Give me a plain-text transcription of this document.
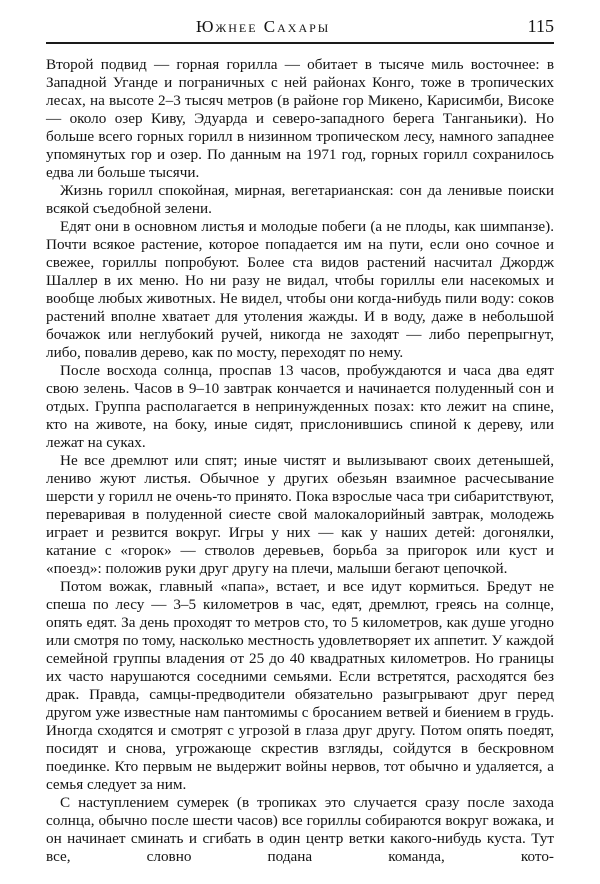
Южнее Сахары	115

Второй подвид — горная горилла — обитает в тысяче миль восточнее: в Западной Уганде и пограничных с ней районах Конго, тоже в тропических лесах, на высоте 2–3 тысяч метров (в районе гор Микено, Карисимби, Високе — около озер Киву, Эдуарда и северо-западного берега Танганьики). Но больше всего горных горилл в низинном тропическом лесу, намного западнее упомянутых гор и озер. По данным на 1971 год, горных горилл сохранилось едва ли больше тысячи.

Жизнь горилл спокойная, мирная, вегетарианская: сон да ленивые поиски всякой съедобной зелени.

Едят они в основном листья и молодые побеги (а не плоды, как шимпанзе). Почти всякое растение, которое попадается им на пути, если оно сочное и свежее, гориллы попробуют. Более ста видов растений насчитал Джордж Шаллер в их меню. Но ни разу не видал, чтобы гориллы ели насекомых и вообще любых животных. Не видел, чтобы они когда-нибудь пили воду: соков растений вполне хватает для утоления жажды. И в воду, даже в небольшой бочажок или неглубокий ручей, никогда не заходят — либо перепрыгнут, либо, повалив дерево, как по мосту, переходят по нему.

После восхода солнца, проспав 13 часов, пробуждаются и часа два едят свою зелень. Часов в 9–10 завтрак кончается и начинается полуденный сон и отдых. Группа располагается в непринужденных позах: кто лежит на спине, кто на животе, на боку, иные сидят, прислонившись спиной к дереву, или лежат на суках.

Не все дремлют или спят; иные чистят и вылизывают своих детенышей, лениво жуют листья. Обычное у других обезьян взаимное расчесывание шерсти у горилл не очень-то принято. Пока взрослые часа три сибаритствуют, переваривая в полуденной сиесте свой малокалорийный завтрак, молодежь играет и резвится вокруг. Игры у них — как у наших детей: догонялки, катание с «горок» — стволов деревьев, борьба за пригорок или куст и «поезд»: положив руки друг другу на плечи, малыши бегают цепочкой.

Потом вожак, главный «папа», встает, и все идут кормиться. Бредут не спеша по лесу — 3–5 километров в час, едят, дремлют, греясь на солнце, опять едят. За день проходят то метров сто, то 5 километров, как душе угодно или смотря по тому, насколько местность удовлетворяет их аппетит. У каждой семейной группы владения от 25 до 40 квадратных километров. Но границы их часто нарушаются соседними семьями. Если встретятся, расходятся без драк. Правда, самцы-предводители обязательно разыгрывают друг перед другом уже известные нам пантомимы с бросанием ветвей и биением в грудь. Иногда сходятся и смотрят с угрозой в глаза друг другу. Потом опять поедят, посидят и снова, угрожающе скрестив взгляды, сойдутся в бескровном поединке. Кто первым не выдержит войны нервов, тот обычно и удаляется, а семья следует за ним.

С наступлением сумерек (в тропиках это случается сразу после захода солнца, обычно после шести часов) все гориллы собираются вокруг вожака, и он начинает сминать и сгибать в один центр ветки какого-нибудь куста. Тут все, словно подана команда, кото-
